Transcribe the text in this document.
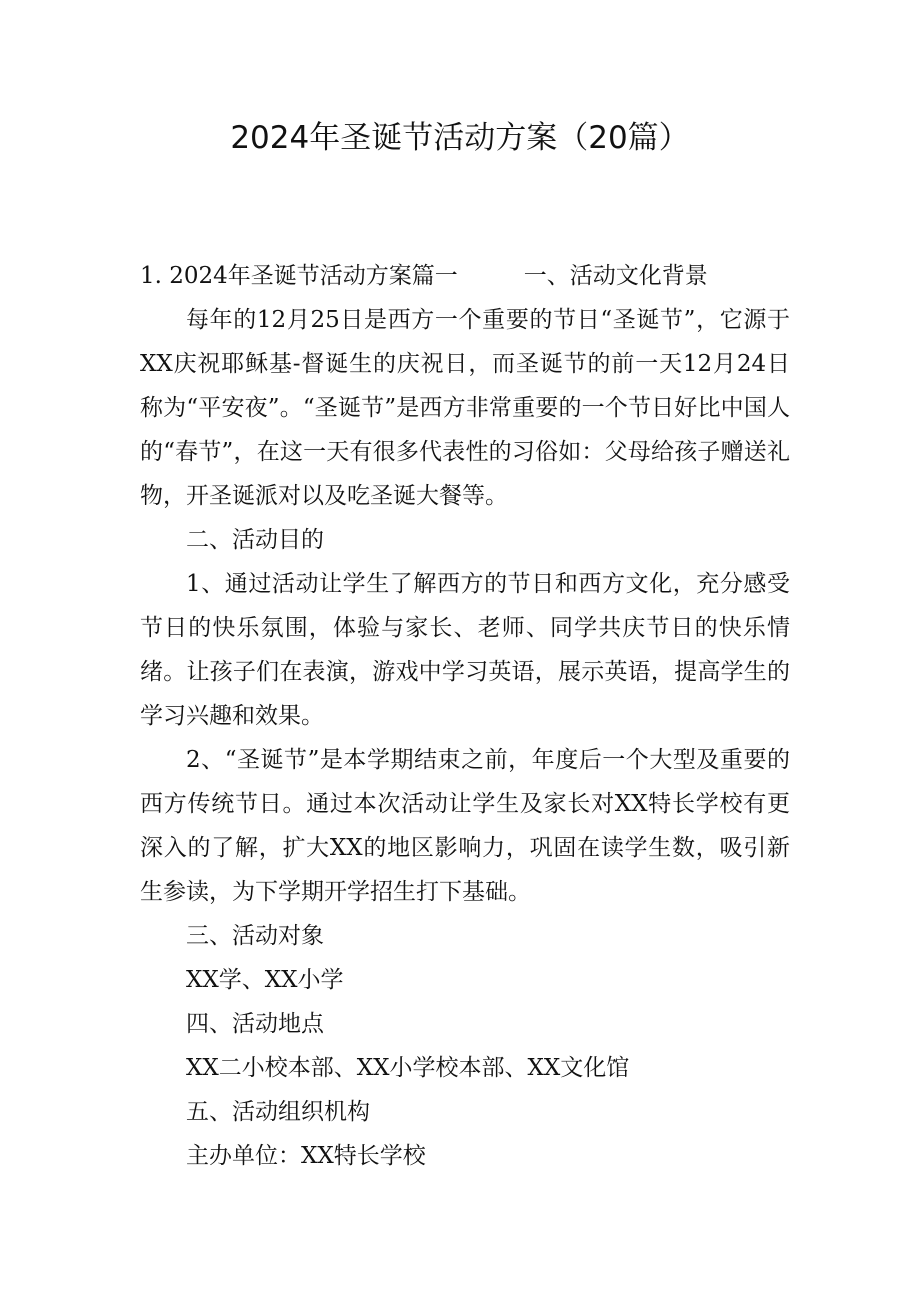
2024年圣诞节活动方案（20篇）

1. 2024年圣诞节活动方案篇一	一、活动文化背景

每年的12月25日是西方一个重要的节日“圣诞节”，它源于XX庆祝耶稣基-督诞生的庆祝日，而圣诞节的前一天12月24日称为“平安夜”。“圣诞节”是西方非常重要的一个节日好比中国人的“春节”，在这一天有很多代表性的习俗如：父母给孩子赠送礼物，开圣诞派对以及吃圣诞大餐等。

二、活动目的

1、通过活动让学生了解西方的节日和西方文化，充分感受节日的快乐氛围，体验与家长、老师、同学共庆节日的快乐情绪。让孩子们在表演，游戏中学习英语，展示英语，提高学生的学习兴趣和效果。

2、“圣诞节”是本学期结束之前，年度后一个大型及重要的西方传统节日。通过本次活动让学生及家长对XX特长学校有更深入的了解，扩大XX的地区影响力，巩固在读学生数，吸引新生参读，为下学期开学招生打下基础。

三、活动对象

XX学、XX小学

四、活动地点

XX二小校本部、XX小学校本部、XX文化馆

五、活动组织机构

主办单位：XX特长学校
